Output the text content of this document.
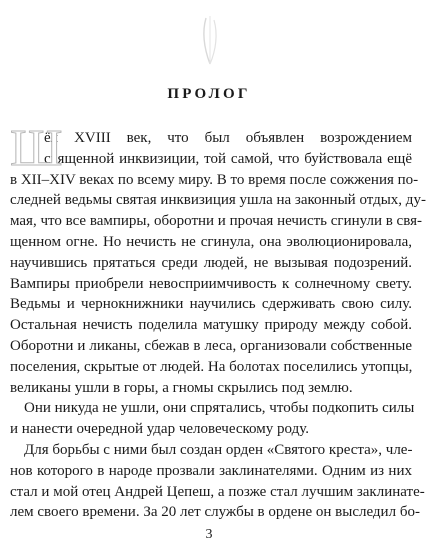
ПРОЛОГ
Ш
ёл XVIII век, что был объявлен возрождением
священной инквизиции, той самой, что буйствовала ещё
в XII–XIV веках по всему миру. В то время после сожжения по-
следней ведьмы святая инквизиция ушла на законный отдых, ду-
мая, что все вампиры, оборотни и прочая нечисть сгинули в свя-
щенном огне. Но нечисть не сгинула, она эволюционировала,
научившись прятаться среди людей, не вызывая подозрений.
Вампиры приобрели невосприимчивость к солнечному свету.
Ведьмы и чернокнижники научились сдерживать свою силу.
Остальная нечисть поделила матушку природу между собой.
Оборотни и ликаны, сбежав в леса, организовали собственные
поселения, скрытые от людей. На болотах поселились утопцы,
великаны ушли в горы, а гномы скрылись под землю.
Они никуда не ушли, они спрятались, чтобы подкопить силы
и нанести очередной удар человеческому роду.
Для борьбы с ними был создан орден «Святого креста», чле-
нов которого в народе прозвали заклинателями. Одним из них
стал и мой отец Андрей Цепеш, а позже стал лучшим заклинате-
лем своего времени. За 20 лет службы в ордене он выследил бо-

3
